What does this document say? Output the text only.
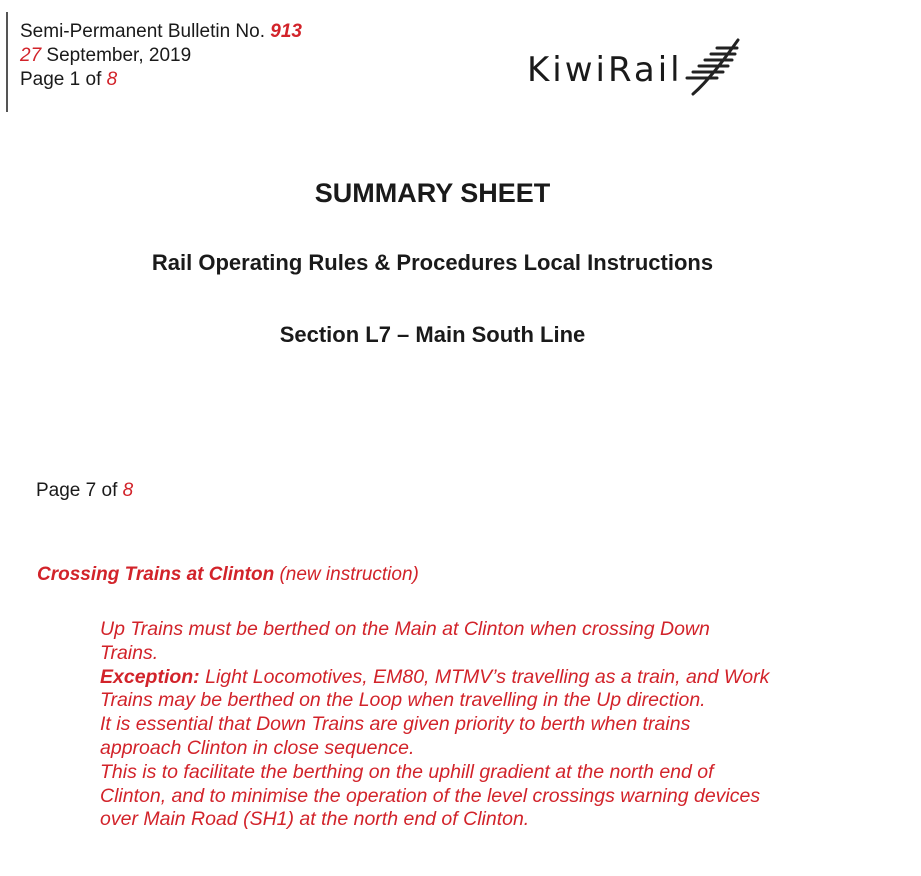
Semi-Permanent Bulletin No. 913
27 September, 2019
Page 1 of 8	KiwiRail
SUMMARY SHEET
Rail Operating Rules & Procedures Local Instructions
Section L7 – Main South Line
Page 7 of 8
Crossing Trains at Clinton (new instruction)

Up Trains must be berthed on the Main at Clinton when crossing Down

Trains.

Exception: Light Locomotives, EM80, MTMV’s travelling as a train, and Work

Trains may be berthed on the Loop when travelling in the Up direction.

It is essential that Down Trains are given priority to berth when trains

approach Clinton in close sequence.

This is to facilitate the berthing on the uphill gradient at the north end of

Clinton, and to minimise the operation of the level crossings warning devices

over Main Road (SH1) at the north end of Clinton.
